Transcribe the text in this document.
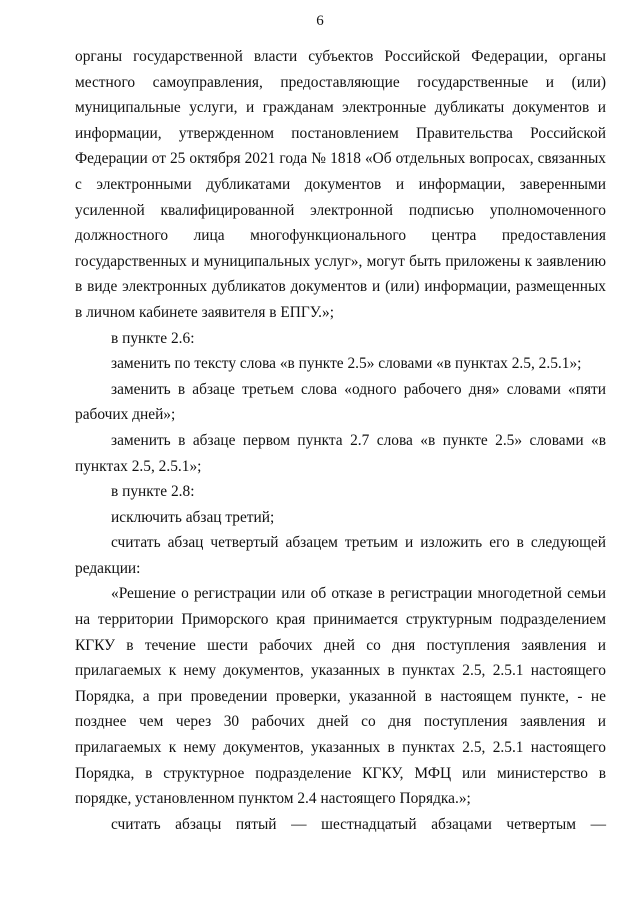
6

органы государственной власти субъектов Российской Федерации, органы местного самоуправления, предоставляющие государственные и (или) муниципальные услуги, и гражданам электронные дубликаты документов и информации, утвержденном постановлением Правительства Российской Федерации от 25 октября 2021 года № 1818 «Об отдельных вопросах, связанных с электронными дубликатами документов и информации, заверенными усиленной квалифицированной электронной подписью уполномоченного должностного лица многофункционального центра предоставления государственных и муниципальных услуг», могут быть приложены к заявлению в виде электронных дубликатов документов и (или) информации, размещенных в личном кабинете заявителя в ЕПГУ.»;

в пункте 2.6:

заменить по тексту слова «в пункте 2.5» словами «в пунктах 2.5, 2.5.1»;

заменить в абзаце третьем слова «одного рабочего дня» словами «пяти рабочих дней»;

заменить в абзаце первом пункта 2.7 слова «в пункте 2.5» словами «в пунктах 2.5, 2.5.1»;

в пункте 2.8:

исключить абзац третий;

считать абзац четвертый абзацем третьим и изложить его в следующей редакции:

«Решение о регистрации или об отказе в регистрации многодетной семьи на территории Приморского края принимается структурным подразделением КГКУ в течение шести рабочих дней со дня поступления заявления и прилагаемых к нему документов, указанных в пунктах 2.5, 2.5.1 настоящего Порядка, а при проведении проверки, указанной в настоящем пункте, - не позднее чем через 30 рабочих дней со дня поступления заявления и прилагаемых к нему документов, указанных в пунктах 2.5, 2.5.1 настоящего Порядка, в структурное подразделение КГКУ, МФЦ или министерство в порядке, установленном пунктом 2.4 настоящего Порядка.»;

считать абзацы пятый — шестнадцатый абзацами четвертым —
